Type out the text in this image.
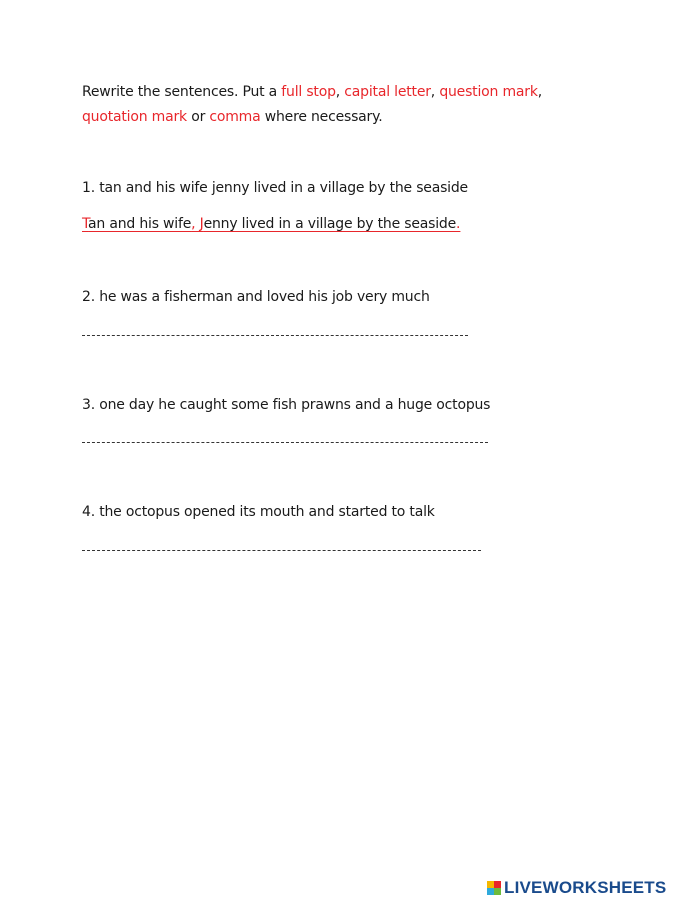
Rewrite the sentences. Put a full stop, capital letter, question mark,
quotation mark or comma where necessary.
1. tan and his wife jenny lived in a village by the seaside
Tan and his wife, Jenny lived in a village by the seaside.
2. he was a fisherman and loved his job very much
3. one day he caught some fish prawns and a huge octopus
4. the octopus opened its mouth and started to talk
LIVEWORKSHEETS
